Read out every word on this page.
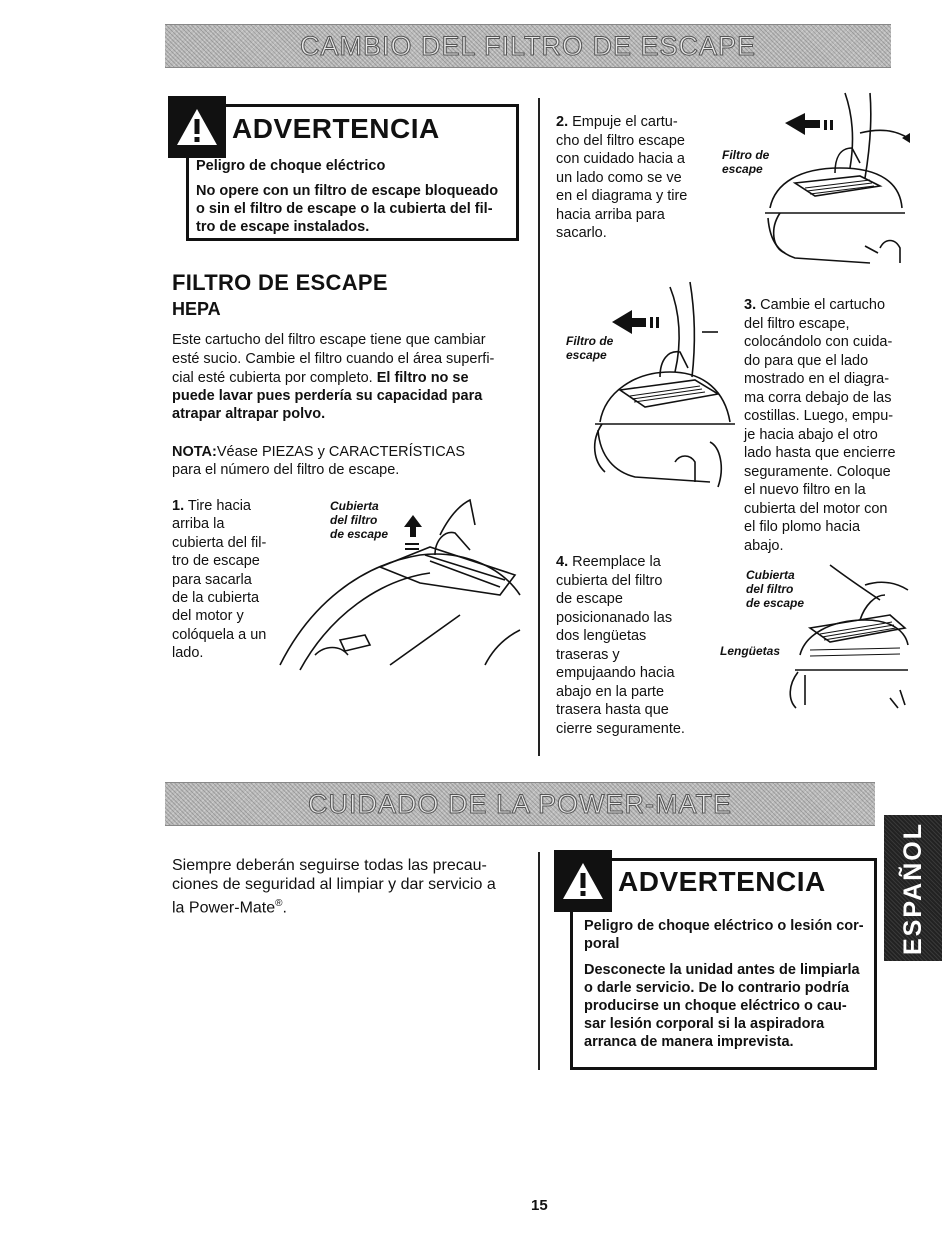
CAMBIO DEL FILTRO DE ESCAPE
ADVERTENCIA
Peligro de choque eléctrico
No opere con un filtro de escape bloqueado
o sin el filtro de escape o la cubierta del fil-
tro de escape instalados.
FILTRO DE ESCAPE
HEPA
Este cartucho del filtro escape tiene que cambiar
esté sucio. Cambie el filtro cuando el área superfi-
cial esté cubierta por completo. El filtro no se
puede lavar pues perdería su capacidad para
atrapar altrapar polvo.
NOTA:Véase PIEZAS y CARACTERÍSTICAS
para el número del filtro de escape.
1. Tire hacia
arriba la
cubierta del fil-
tro de escape
para sacarla
de la cubierta
del motor y
colóquela a un
lado.
Cubierta
del filtro
de escape
2. Empuje el cartu-
cho del filtro escape
con cuidado hacia a
un lado como se ve
en el diagrama y tire
hacia arriba para
sacarlo.
Filtro de
escape
Filtro de
escape
3. Cambie el cartucho
del filtro escape,
colocándolo con cuida-
do para que el lado
mostrado en el diagra-
ma corra debajo de las
costillas. Luego, empu-
je hacia abajo el otro
lado hasta que encierre
seguramente. Coloque
el nuevo filtro en la
cubierta del motor con
el filo plomo hacia
abajo.
4. Reemplace la
cubierta del filtro
de escape
posicionanado las
dos lengüetas
traseras y
empujaando hacia
abajo en la parte
trasera hasta que
cierre seguramente.
Cubierta
del filtro
de escape
Lengüetas
CUIDADO DE LA POWER-MATE
Siempre deberán seguirse todas las precau-
ciones de seguridad al limpiar y dar servicio a
la Power-Mate®.
ADVERTENCIA
Peligro de choque eléctrico o lesión cor-
poral
Desconecte la unidad antes de limpiarla
o darle servicio. De lo contrario podría
producirse un choque eléctrico o cau-
sar lesión corporal si la aspiradora
arranca de manera imprevista.
ESPAÑOL
15
